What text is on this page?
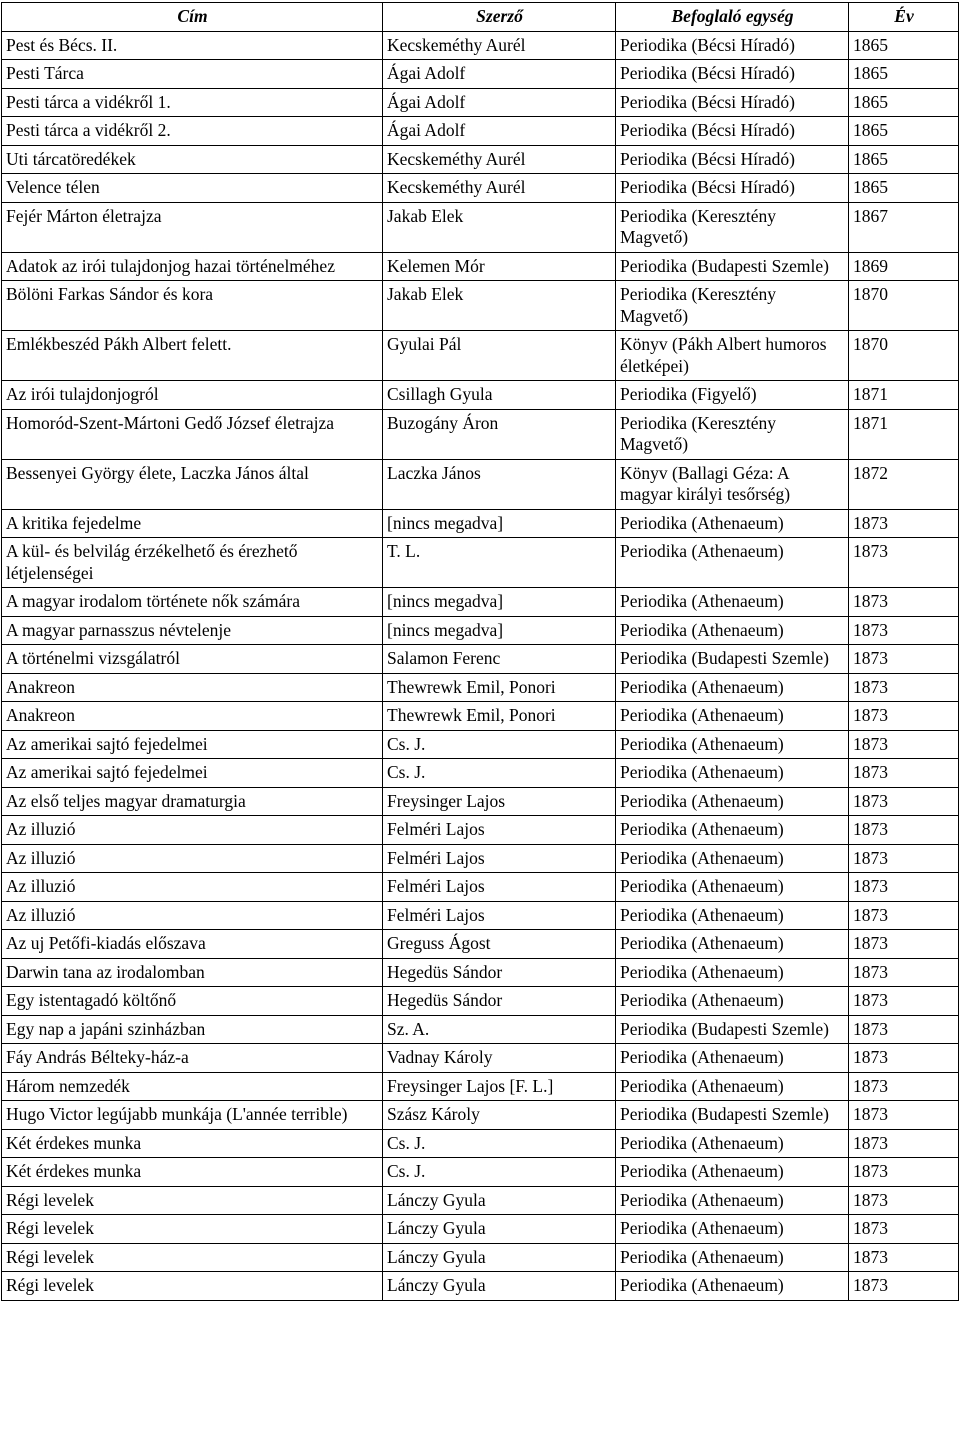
Cím	Szerző	Befoglaló egység	Év
Pest és Bécs. II.	Kecskeméthy Aurél	Periodika (Bécsi Híradó)	1865
Pesti Tárca	Ágai Adolf	Periodika (Bécsi Híradó)	1865
Pesti tárca a vidékről 1.	Ágai Adolf	Periodika (Bécsi Híradó)	1865
Pesti tárca a vidékről 2.	Ágai Adolf	Periodika (Bécsi Híradó)	1865
Uti tárcatöredékek	Kecskeméthy Aurél	Periodika (Bécsi Híradó)	1865
Velence télen	Kecskeméthy Aurél	Periodika (Bécsi Híradó)	1865
Fejér Márton életrajza	Jakab Elek	Periodika (Keresztény Magvető)	1867
Adatok az irói tulajdonjog hazai történelméhez	Kelemen Mór	Periodika (Budapesti Szemle)	1869
Bölöni Farkas Sándor és kora	Jakab Elek	Periodika (Keresztény Magvető)	1870
Emlékbeszéd Pákh Albert felett.	Gyulai Pál	Könyv (Pákh Albert humoros életképei)	1870
Az irói tulajdonjogról	Csillagh Gyula	Periodika (Figyelő)	1871
Homoród-Szent-Mártoni Gedő József életrajza	Buzogány Áron	Periodika (Keresztény Magvető)	1871
Bessenyei György élete, Laczka János által	Laczka János	Könyv (Ballagi Géza: A magyar királyi tesőrség)	1872
A kritika fejedelme	[nincs megadva]	Periodika (Athenaeum)	1873
A kül- és belvilág érzékelhető és érezhető létjelenségei	T. L.	Periodika (Athenaeum)	1873
A magyar irodalom története nők számára	[nincs megadva]	Periodika (Athenaeum)	1873
A magyar parnasszus névtelenje	[nincs megadva]	Periodika (Athenaeum)	1873
A történelmi vizsgálatról	Salamon Ferenc	Periodika (Budapesti Szemle)	1873
Anakreon	Thewrewk Emil, Ponori	Periodika (Athenaeum)	1873
Anakreon	Thewrewk Emil, Ponori	Periodika (Athenaeum)	1873
Az amerikai sajtó fejedelmei	Cs. J.	Periodika (Athenaeum)	1873
Az amerikai sajtó fejedelmei	Cs. J.	Periodika (Athenaeum)	1873
Az első teljes magyar dramaturgia	Freysinger Lajos	Periodika (Athenaeum)	1873
Az illuzió	Felméri Lajos	Periodika (Athenaeum)	1873
Az illuzió	Felméri Lajos	Periodika (Athenaeum)	1873
Az illuzió	Felméri Lajos	Periodika (Athenaeum)	1873
Az illuzió	Felméri Lajos	Periodika (Athenaeum)	1873
Az uj Petőfi-kiadás előszava	Greguss Ágost	Periodika (Athenaeum)	1873
Darwin tana az irodalomban	Hegedüs Sándor	Periodika (Athenaeum)	1873
Egy istentagadó költőnő	Hegedüs Sándor	Periodika (Athenaeum)	1873
Egy nap a japáni szinházban	Sz. A.	Periodika (Budapesti Szemle)	1873
Fáy András Bélteky-ház-a	Vadnay Károly	Periodika (Athenaeum)	1873
Három nemzedék	Freysinger Lajos [F. L.]	Periodika (Athenaeum)	1873
Hugo Victor legújabb munkája (L'année terrible)	Szász Károly	Periodika (Budapesti Szemle)	1873
Két érdekes munka	Cs. J.	Periodika (Athenaeum)	1873
Két érdekes munka	Cs. J.	Periodika (Athenaeum)	1873
Régi levelek	Lánczy Gyula	Periodika (Athenaeum)	1873
Régi levelek	Lánczy Gyula	Periodika (Athenaeum)	1873
Régi levelek	Lánczy Gyula	Periodika (Athenaeum)	1873
Régi levelek	Lánczy Gyula	Periodika (Athenaeum)	1873
